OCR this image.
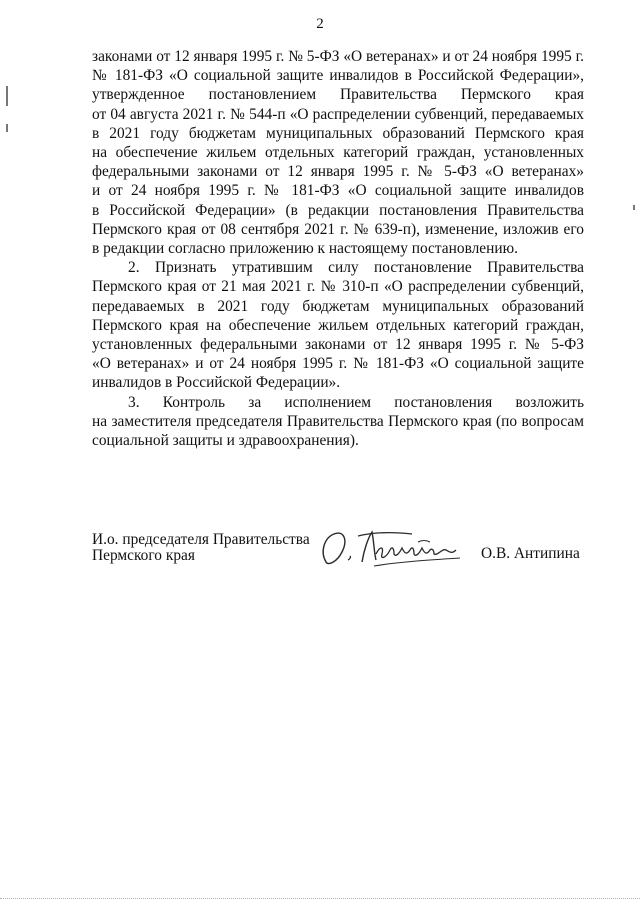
2
законами от 12 января 1995 г. № 5-ФЗ «О ветеранах» и от 24 ноября 1995 г.
№ 181-ФЗ «О социальной защите инвалидов в Российской Федерации»,
утвержденное постановлением Правительства Пермского края
от 04 августа 2021 г. № 544-п «О распределении субвенций, передаваемых
в 2021 году бюджетам муниципальных образований Пермского края
на обеспечение жильем отдельных категорий граждан, установленных
федеральными законами от 12 января 1995 г. № 5-ФЗ «О ветеранах»
и от 24 ноября 1995 г. № 181-ФЗ «О социальной защите инвалидов
в Российской Федерации» (в редакции постановления Правительства
Пермского края от 08 сентября 2021 г. № 639-п), изменение, изложив его
в редакции согласно приложению к настоящему постановлению.
2. Признать утратившим силу постановление Правительства
Пермского края от 21 мая 2021 г. № 310-п «О распределении субвенций,
передаваемых в 2021 году бюджетам муниципальных образований
Пермского края на обеспечение жильем отдельных категорий граждан,
установленных федеральными законами от 12 января 1995 г. № 5-ФЗ
«О ветеранах» и от 24 ноября 1995 г. № 181-ФЗ «О социальной защите
инвалидов в Российской Федерации».
3. Контроль за исполнением постановления возложить
на заместителя председателя Правительства Пермского края (по вопросам
социальной защиты и здравоохранения).
И.о. председателя Правительства
Пермского края	О.В. Антипина
